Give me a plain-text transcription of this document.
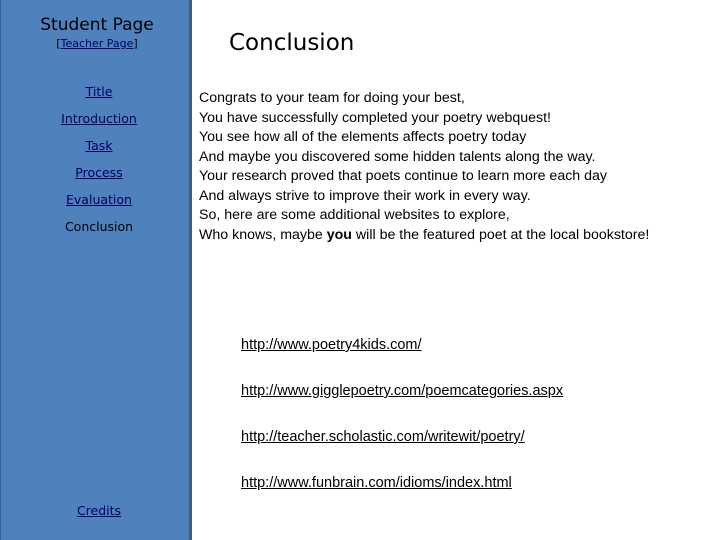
Student Page
[Teacher Page]
Title
Introduction
Task
Process
Evaluation
Conclusion
Credits
Conclusion
Congrats to your team for doing your best,
You have successfully completed your poetry webquest!
You see how all of the elements affects poetry today
And maybe you discovered some hidden talents along the way.
Your research proved that poets continue to learn more each day
And always strive to improve their work in every way.
So, here are some additional websites to explore,
Who knows, maybe you will be the featured poet at the local bookstore!
http://www.poetry4kids.com/
http://www.gigglepoetry.com/poemcategories.aspx
http://teacher.scholastic.com/writewit/poetry/
http://www.funbrain.com/idioms/index.html
